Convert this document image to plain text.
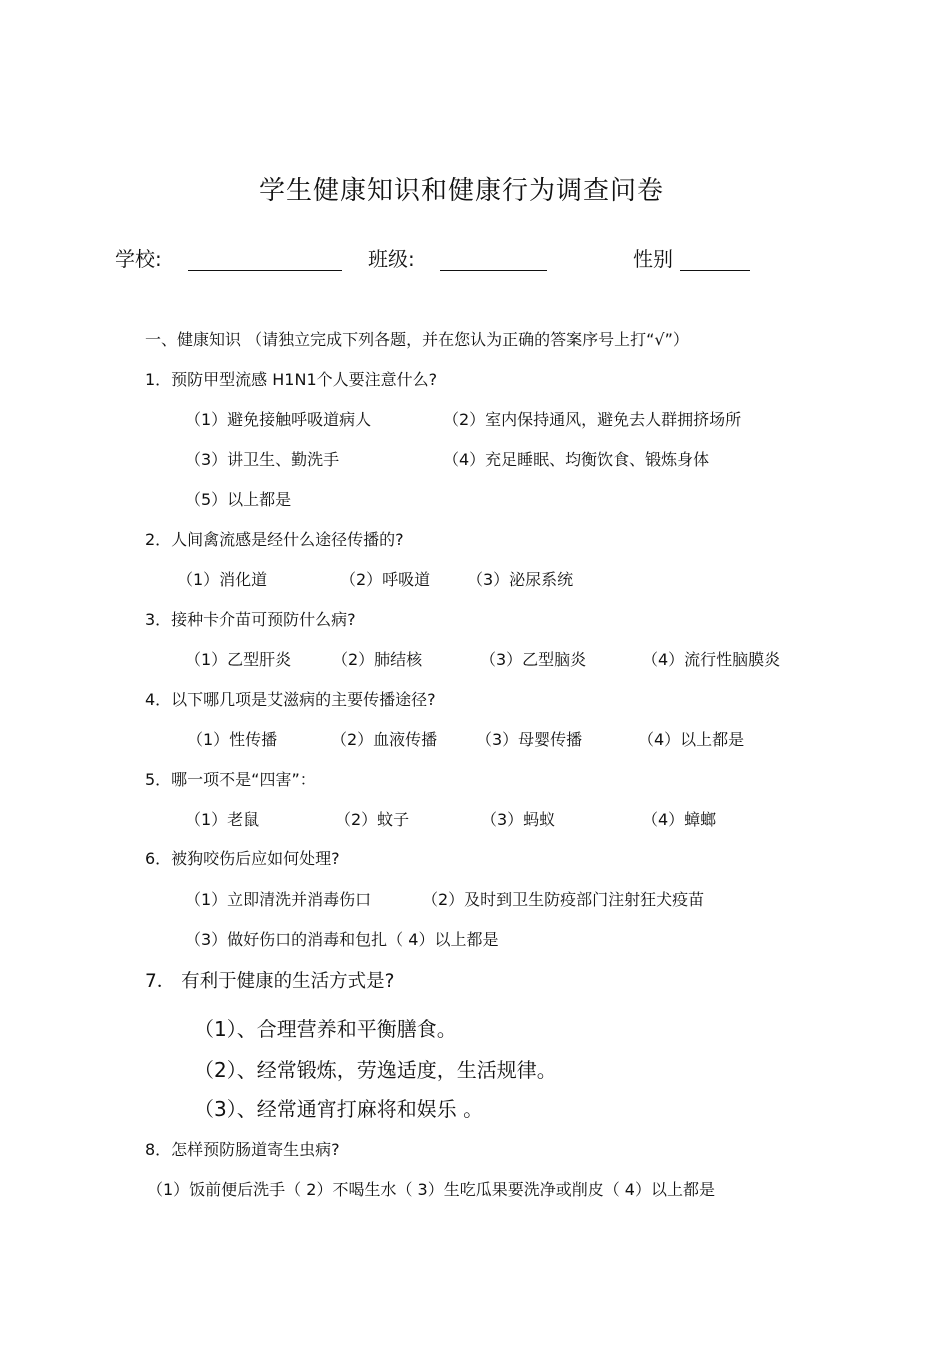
学生健康知识和健康行为调查问卷
学校:	班级:	性别
一、健康知识 （请独立完成下列各题，并在您认为正确的答案序号上打“√”）
1．预防甲型流感 H1N1个人要注意什么?
（1）避免接触呼吸道病人	（2）室内保持通风，避免去人群拥挤场所
（3）讲卫生、勤洗手	（4）充足睡眠、均衡饮食、锻炼身体
（5）以上都是
2．人间禽流感是经什么途径传播的?
（1）消化道	（2）呼吸道 （3）泌尿系统
3．接种卡介苗可预防什么病?
（1）乙型肝炎	（2）肺结核	（3）乙型脑炎	（4）流行性脑膜炎
4．以下哪几项是艾滋病的主要传播途径?
（1）性传播	（2）血液传播 （3）母婴传播	（4）以上都是
5．哪一项不是“四害”：
（1）老鼠	（2）蚊子	（3）蚂蚁	（4）蟑螂
6．被狗咬伤后应如何处理?
（1）立即清洗并消毒伤口	（2）及时到卫生防疫部门注射狂犬疫苗
（3）做好伤口的消毒和包扎（ 4）以上都是
7． 有利于健康的生活方式是?
（1）、合理营养和平衡膳食。
（2）、经常锻炼，劳逸适度，生活规律。
（3）、经常通宵打麻将和娱乐 。
8．怎样预防肠道寄生虫病?
（1）饭前便后洗手（ 2）不喝生水（ 3）生吃瓜果要洗净或削皮（ 4）以上都是
